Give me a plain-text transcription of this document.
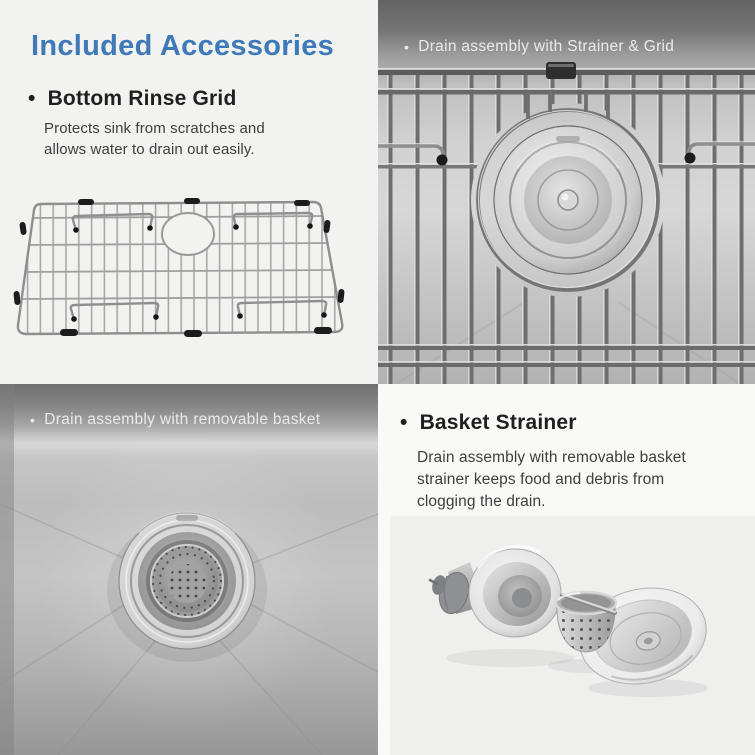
Included Accessories
• Bottom Rinse Grid
Protects sink from scratches and allows water to drain out easily.
• Drain assembly with Strainer & Grid
• Drain assembly with removable basket	• Basket Strainer
Drain assembly with removable basket strainer keeps food and debris from clogging the drain.
